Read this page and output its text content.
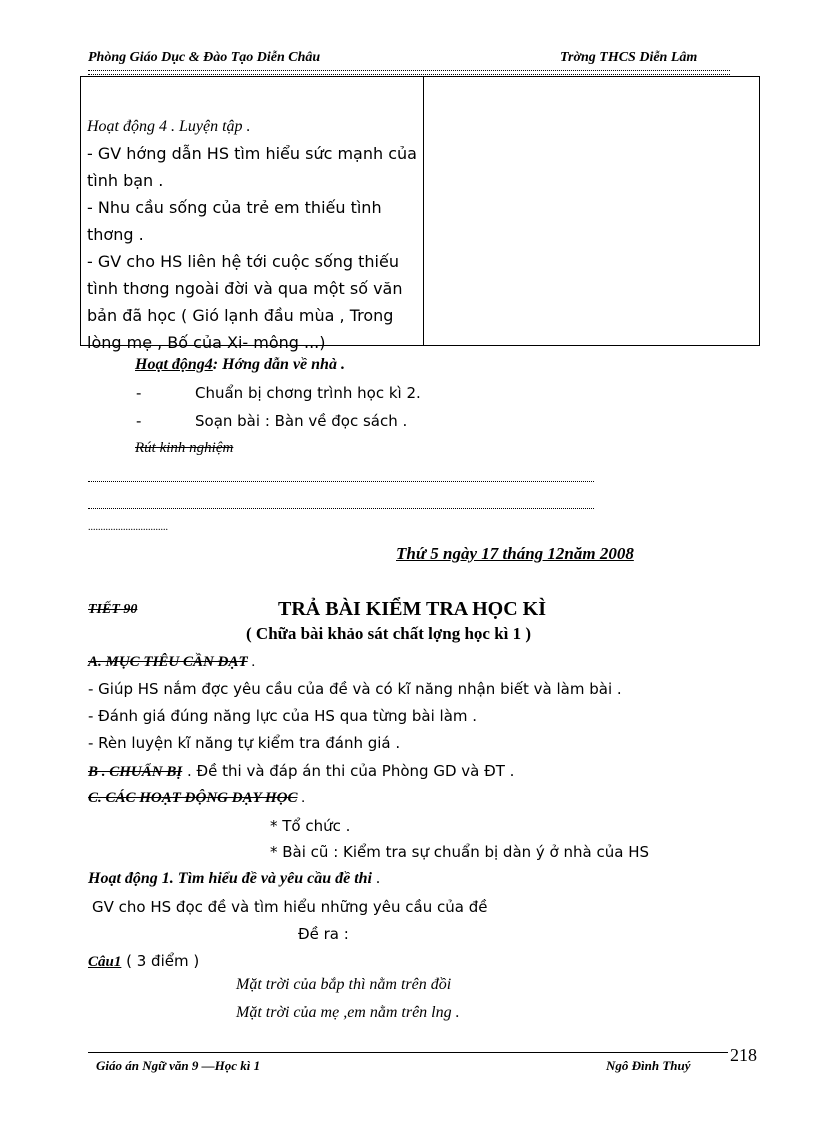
Phòng Giáo Dục & Đào Tạo Diễn Châu	Trờng THCS Diễn Lâm
Hoạt động 4 . Luyện tập .
- GV hớng dẫn HS tìm hiểu sức mạnh của tình bạn .
- Nhu cầu sống của trẻ em thiếu tình thơng .
- GV cho HS liên hệ tới cuộc sống thiếu tình thơng ngoài đời và qua một số văn bản đã học ( Gió lạnh đầu mùa , Trong lòng mẹ , Bố của Xi- mông ...)
Hoạt động4: Hớng dẫn về nhà .
-	Chuẩn bị chơng trình học kì 2.
-	Soạn bài : Bàn về đọc sách .
Rút kinh nghiệm
................................
Thứ 5 ngày 17 tháng 12năm 2008
TIẾT 90	TRẢ BÀI KIỂM TRA HỌC KÌ
( Chữa bài khảo sát chất lợng học kì 1 )
A. MỤC TIÊU CẦN ĐẠT .
- Giúp HS nắm đợc yêu cầu của đề và có kĩ năng nhận biết và làm bài .
- Đánh giá đúng năng lực của HS qua từng bài làm .
- Rèn luyện kĩ năng tự kiểm tra đánh giá .
B . CHUẨN BỊ . Đề thi và đáp án thi của Phòng GD và ĐT .
C. CÁC HOẠT ĐỘNG DẠY HỌC .
* Tổ chức .
* Bài cũ : Kiểm tra sự chuẩn bị dàn ý ở nhà của HS
Hoạt động 1. Tìm hiểu đề và yêu cầu đề thi .
GV cho HS đọc đề và tìm hiểu những yêu cầu của đề
Đề ra :
Câu1 ( 3 điểm )
Mặt trời của bắp thì nằm trên đồi
Mặt trời của mẹ ,em nằm trên lng .
Giáo án Ngữ văn 9 —Học kì 1	Ngô Đình Thuý
218
